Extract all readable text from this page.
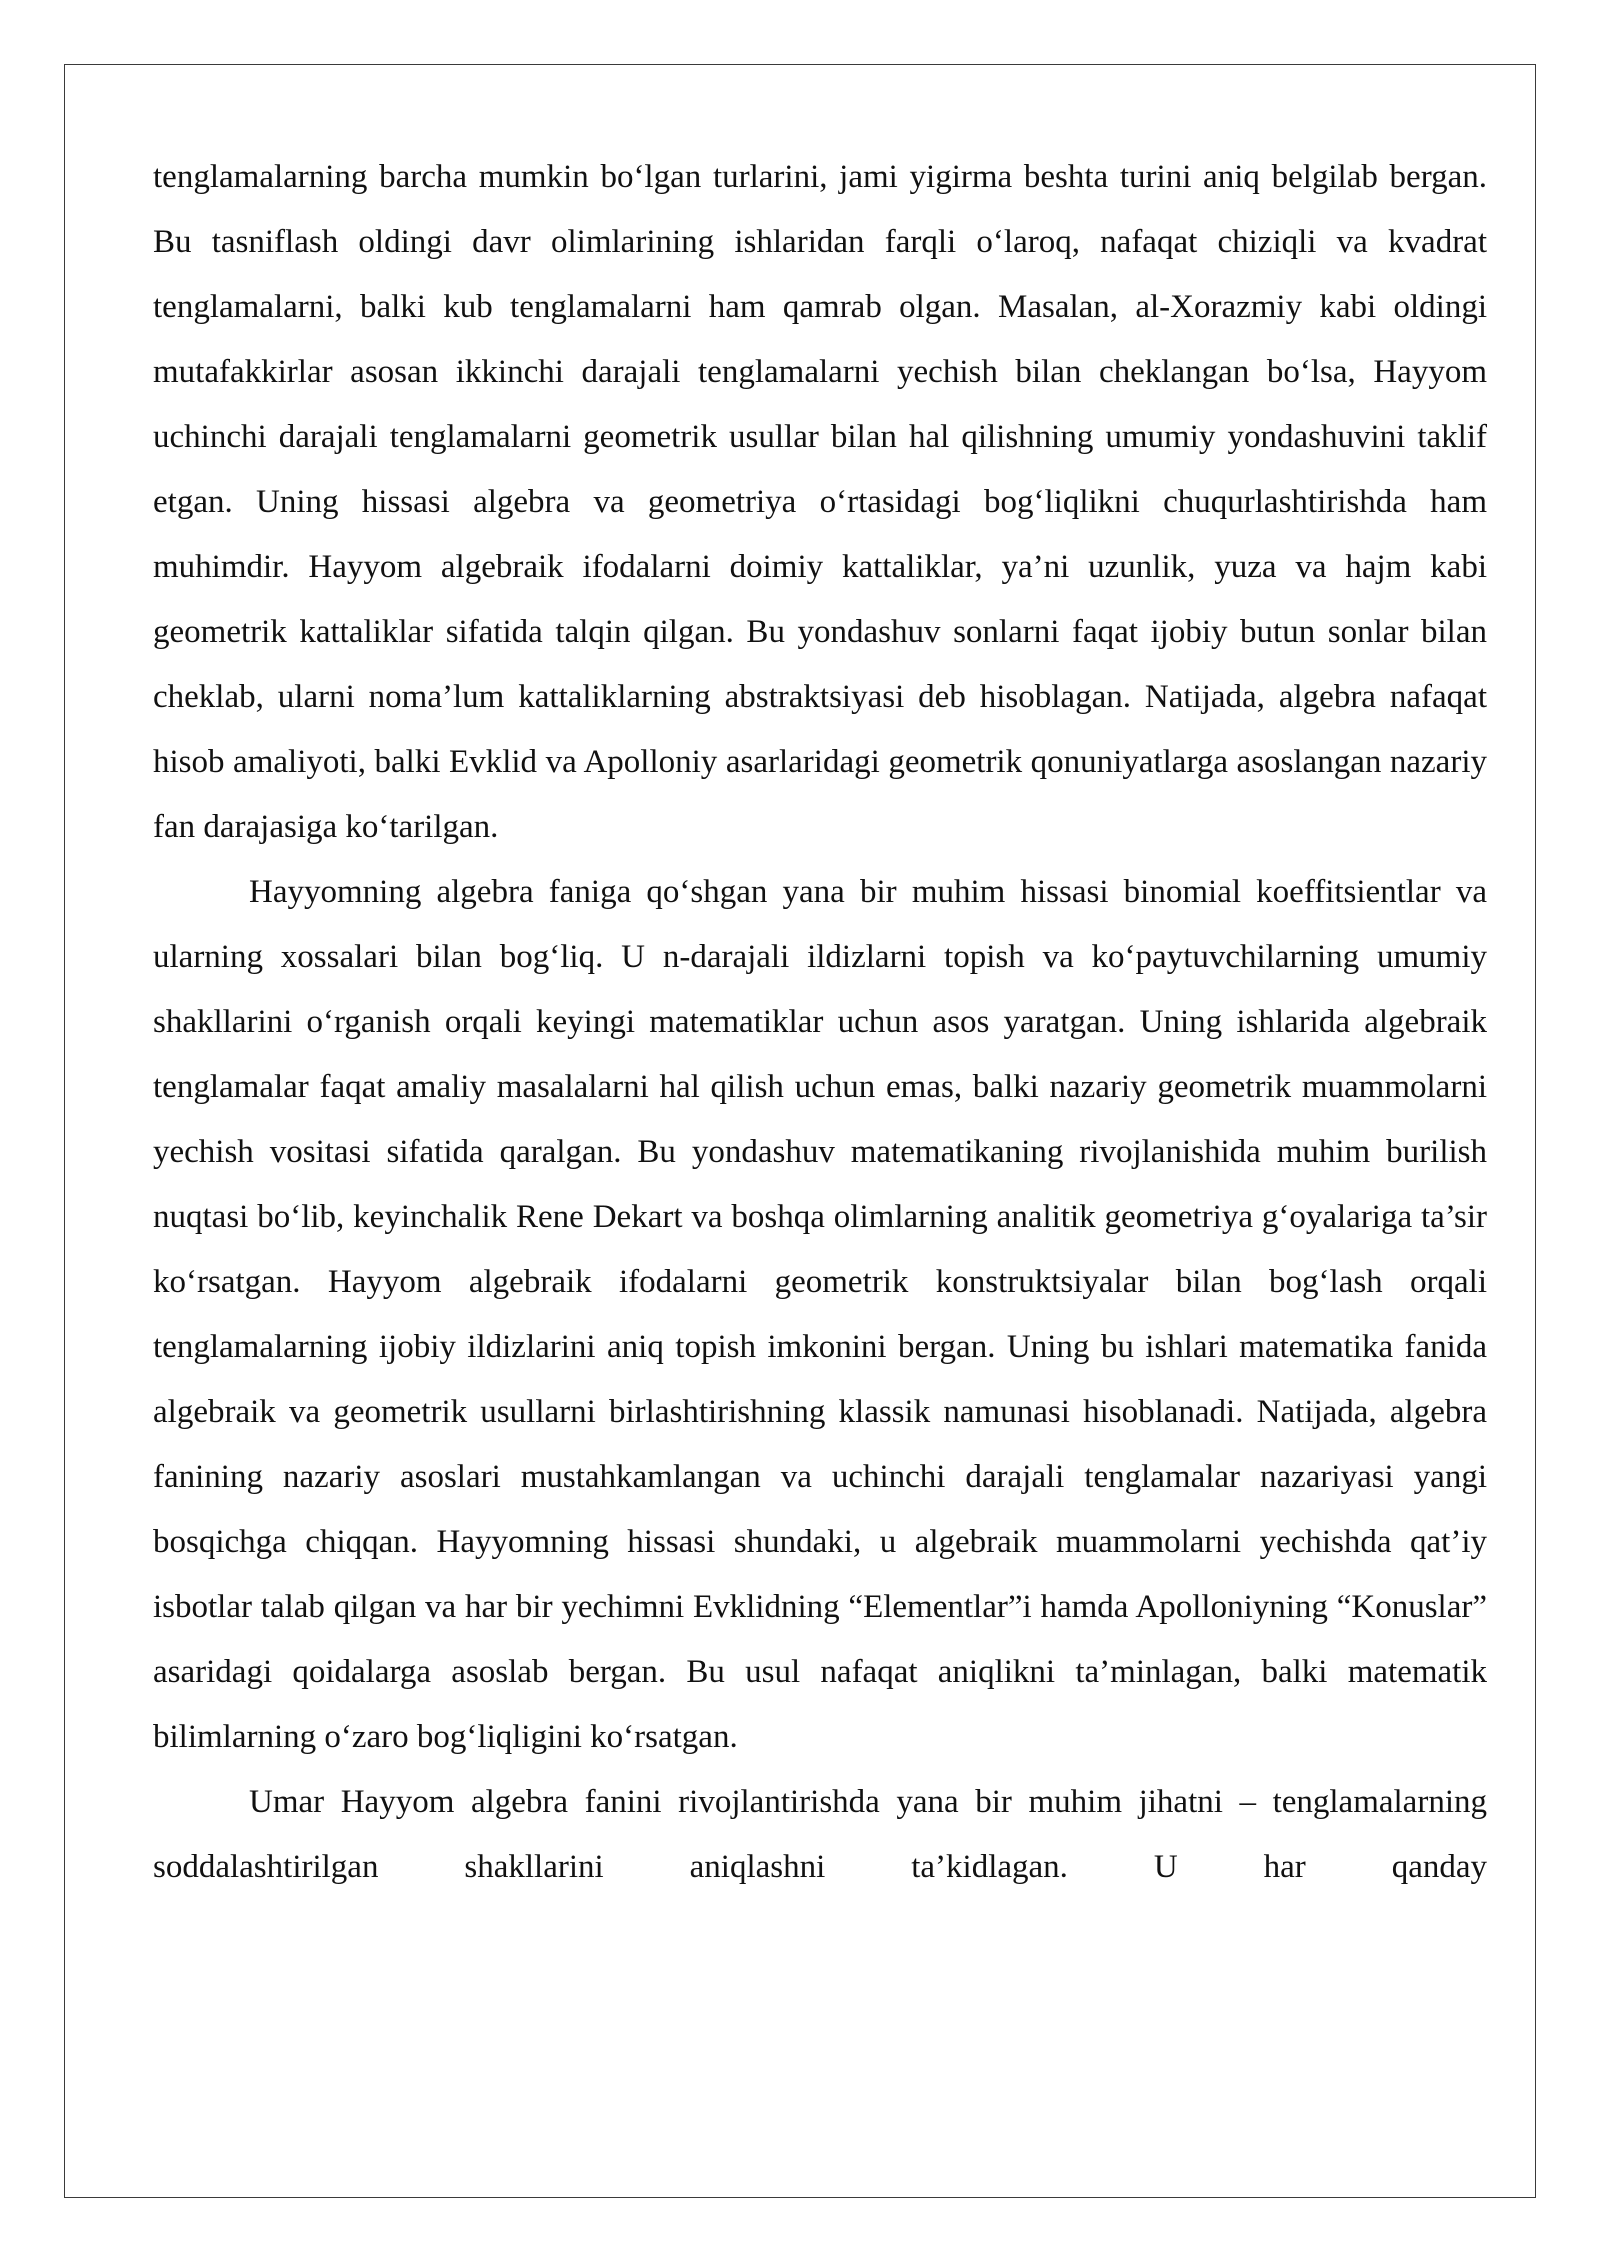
tenglamalarning barcha mumkin bo‘lgan turlarini, jami yigirma beshta turini aniq belgilab bergan. Bu tasniflash oldingi davr olimlarining ishlaridan farqli o‘laroq, nafaqat chiziqli va kvadrat tenglamalarni, balki kub tenglamalarni ham qamrab olgan. Masalan, al-Xorazmiy kabi oldingi mutafakkirlar asosan ikkinchi darajali tenglamalarni yechish bilan cheklangan bo‘lsa, Hayyom uchinchi darajali tenglamalarni geometrik usullar bilan hal qilishning umumiy yondashuvini taklif etgan. Uning hissasi algebra va geometriya o‘rtasidagi bog‘liqlikni chuqurlashtirishda ham muhimdir. Hayyom algebraik ifodalarni doimiy kattaliklar, ya’ni uzunlik, yuza va hajm kabi geometrik kattaliklar sifatida talqin qilgan. Bu yondashuv sonlarni faqat ijobiy butun sonlar bilan cheklab, ularni noma’lum kattaliklarning abstraktsiyasi deb hisoblagan. Natijada, algebra nafaqat hisob amaliyoti, balki Evklid va Apolloniy asarlaridagi geometrik qonuniyatlarga asoslangan nazariy fan darajasiga ko‘tarilgan.

Hayyomning algebra faniga qo‘shgan yana bir muhim hissasi binomial koeffitsientlar va ularning xossalari bilan bog‘liq. U n-darajali ildizlarni topish va ko‘paytuvchilarning umumiy shakllarini o‘rganish orqali keyingi matematiklar uchun asos yaratgan. Uning ishlarida algebraik tenglamalar faqat amaliy masalalarni hal qilish uchun emas, balki nazariy geometrik muammolarni yechish vositasi sifatida qaralgan. Bu yondashuv matematikaning rivojlanishida muhim burilish nuqtasi bo‘lib, keyinchalik Rene Dekart va boshqa olimlarning analitik geometriya g‘oyalariga ta’sir ko‘rsatgan. Hayyom algebraik ifodalarni geometrik konstruktsiyalar bilan bog‘lash orqali tenglamalarning ijobiy ildizlarini aniq topish imkonini bergan. Uning bu ishlari matematika fanida algebraik va geometrik usullarni birlashtirishning klassik namunasi hisoblanadi. Natijada, algebra fanining nazariy asoslari mustahkamlangan va uchinchi darajali tenglamalar nazariyasi yangi bosqichga chiqqan. Hayyomning hissasi shundaki, u algebraik muammolarni yechishda qat’iy isbotlar talab qilgan va har bir yechimni Evklidning “Elementlar”i hamda Apolloniyning “Konuslar” asaridagi qoidalarga asoslab bergan. Bu usul nafaqat aniqlikni ta’minlagan, balki matematik bilimlarning o‘zaro bog‘liqligini ko‘rsatgan.

Umar Hayyom algebra fanini rivojlantirishda yana bir muhim jihatni – tenglamalarning soddalashtirilgan shakllarini aniqlashni ta’kidlagan. U har qanday
